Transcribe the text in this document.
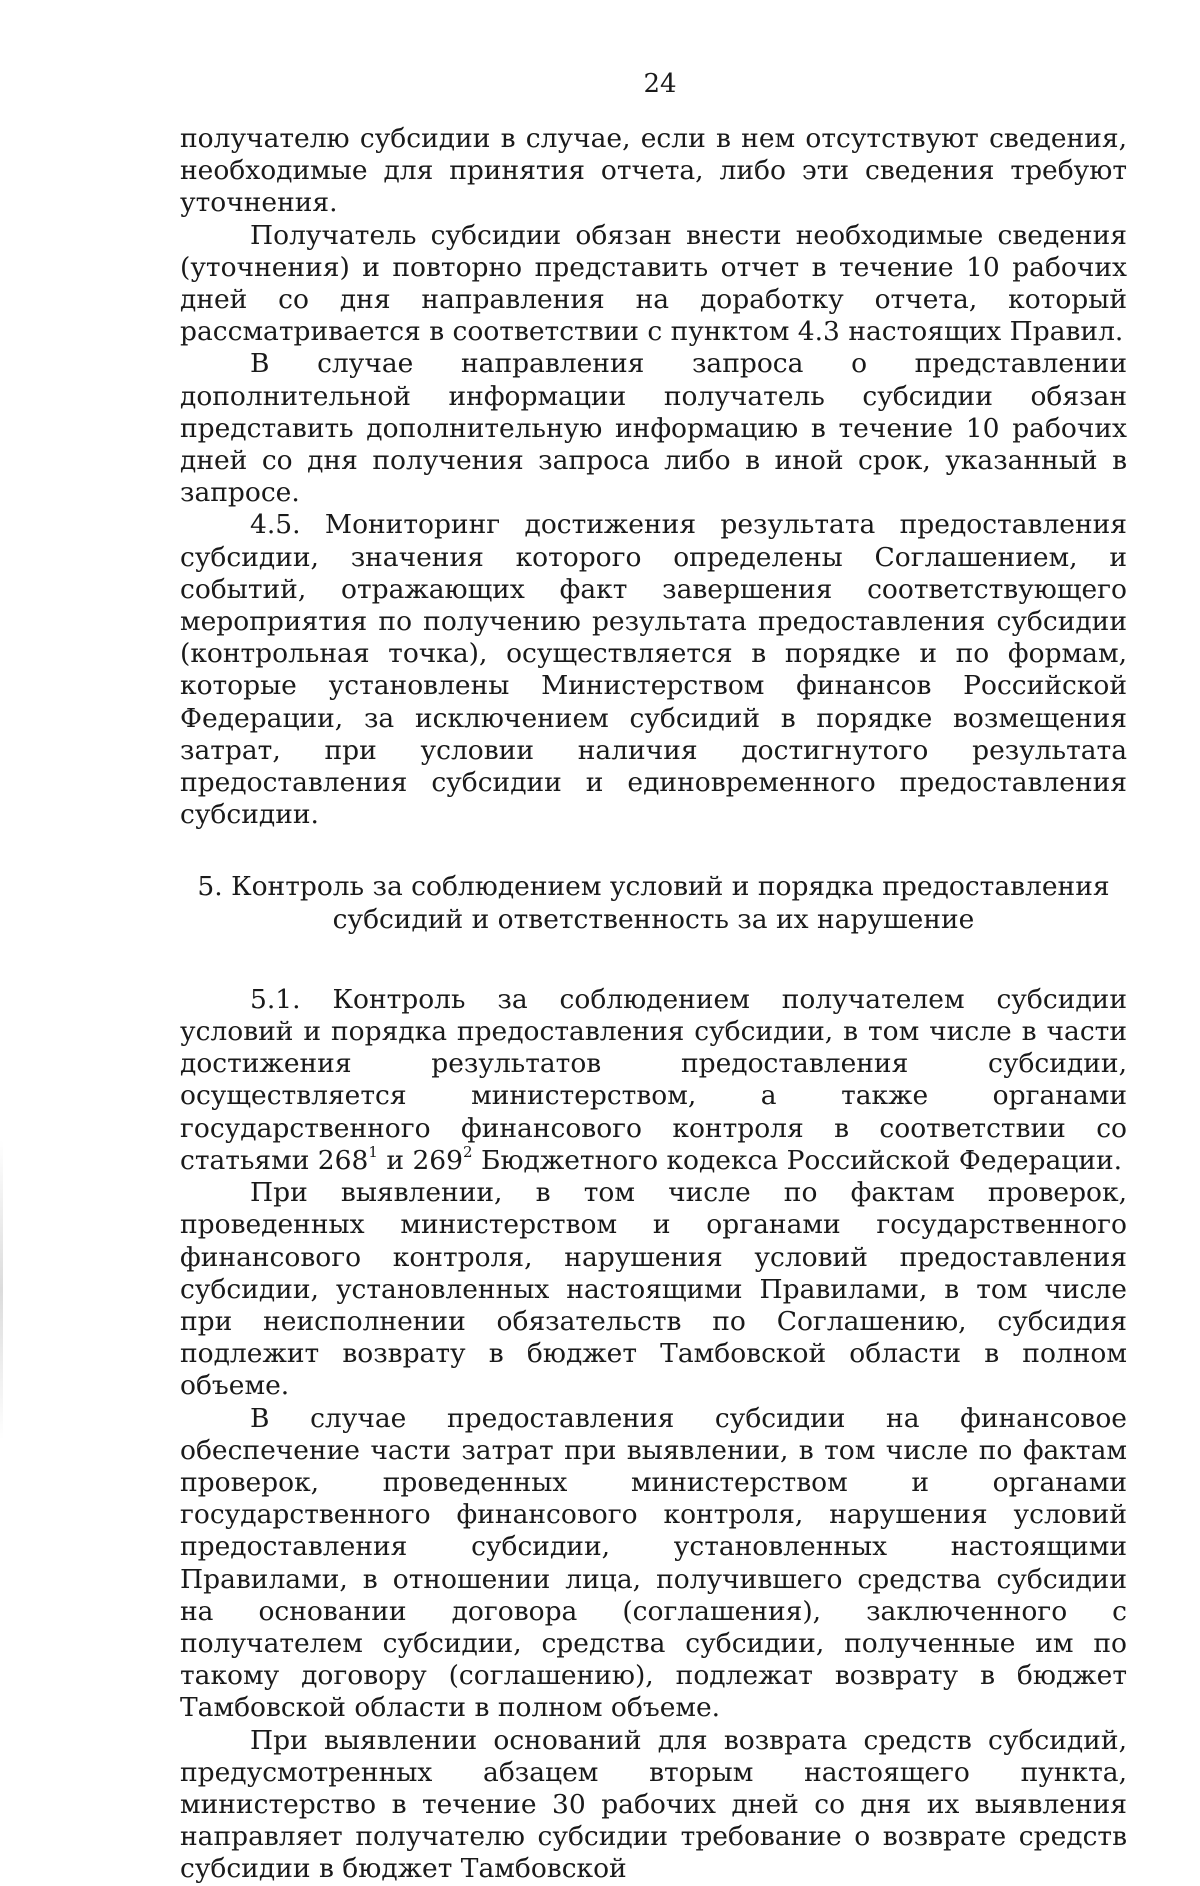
24

получателю субсидии в случае, если в нем отсутствуют сведения, необходимые для принятия отчета, либо эти сведения требуют уточнения.

Получатель субсидии обязан внести необходимые сведения (уточнения) и повторно представить отчет в течение 10 рабочих дней со дня направления на доработку отчета, который рассматривается в соответствии с пунктом 4.3 настоящих Правил.

В случае направления запроса о представлении дополнительной информации получатель субсидии обязан представить дополнительную информацию в течение 10 рабочих дней со дня получения запроса либо в иной срок, указанный в запросе.

4.5. Мониторинг достижения результата предоставления субсидии, значения которого определены Соглашением, и событий, отражающих факт завершения соответствующего мероприятия по получению результата предоставления субсидии (контрольная точка), осуществляется в порядке и по формам, которые установлены Министерством финансов Российской Федерации, за исключением субсидий в порядке возмещения затрат, при условии наличия достигнутого результата предоставления субсидии и единовременного предоставления субсидии.

5. Контроль за соблюдением условий и порядка предоставления
субсидий и ответственность за их нарушение

5.1. Контроль за соблюдением получателем субсидии условий и порядка предоставления субсидии, в том числе в части достижения результатов предоставления субсидии, осуществляется министерством, а также органами государственного финансового контроля в соответствии со статьями $268^1$ и $269^2$ Бюджетного кодекса Российской Федерации.

При выявлении, в том числе по фактам проверок, проведенных министерством и органами государственного финансового контроля, нарушения условий предоставления субсидии, установленных настоящими Правилами, в том числе при неисполнении обязательств по Соглашению, субсидия подлежит возврату в бюджет Тамбовской области в полном объеме.

В случае предоставления субсидии на финансовое обеспечение части затрат при выявлении, в том числе по фактам проверок, проведенных министерством и органами государственного финансового контроля, нарушения условий предоставления субсидии, установленных настоящими Правилами, в отношении лица, получившего средства субсидии на основании договора (соглашения), заключенного с получателем субсидии, средства субсидии, полученные им по такому договору (соглашению), подлежат возврату в бюджет Тамбовской области в полном объеме.

При выявлении оснований для возврата средств субсидий, предусмотренных абзацем вторым настоящего пункта, министерство в течение 30 рабочих дней со дня их выявления направляет получателю субсидии требование о возврате средств субсидии в бюджет Тамбовской
